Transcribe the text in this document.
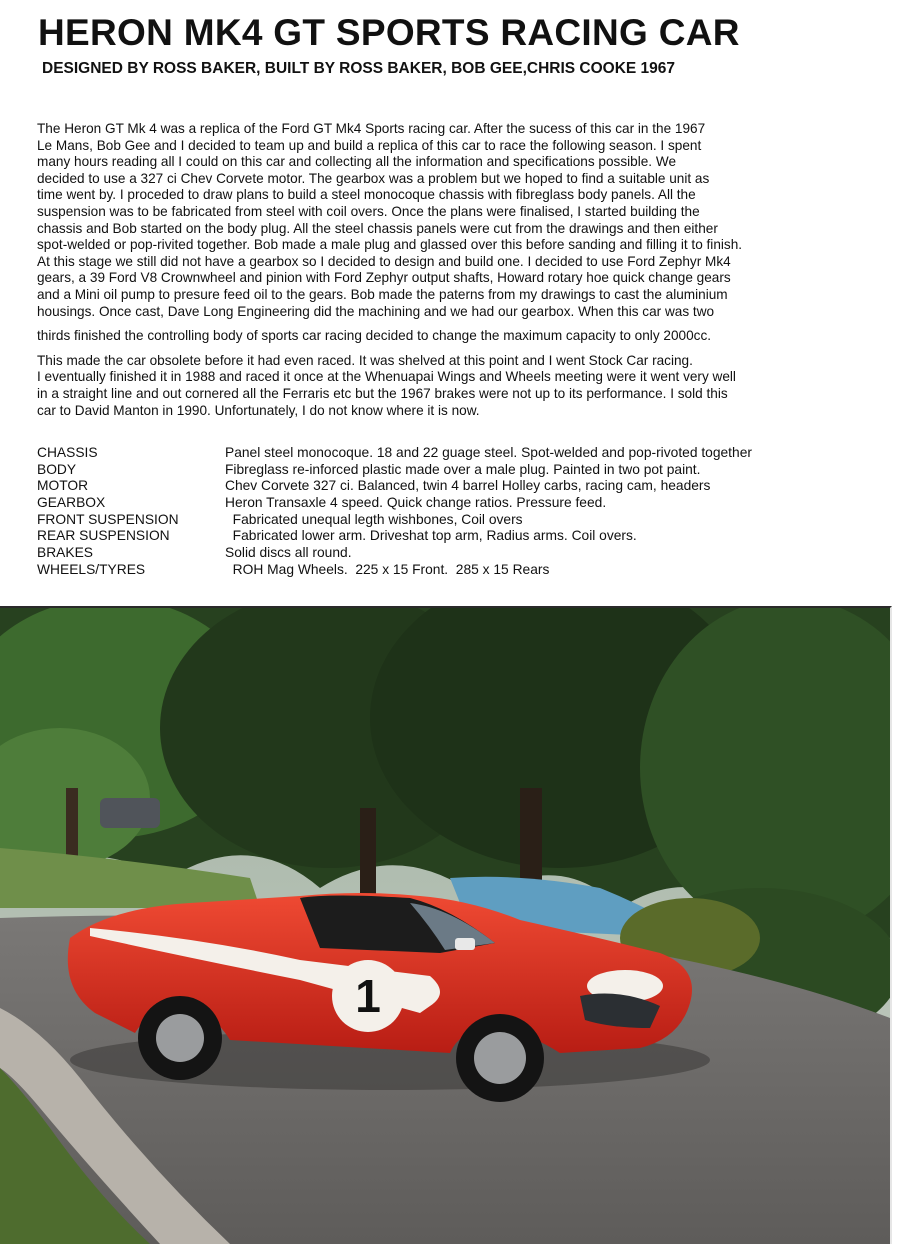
HERON MK4 GT SPORTS RACING CAR
DESIGNED BY ROSS BAKER, BUILT BY ROSS BAKER, BOB GEE,CHRIS COOKE 1967
The Heron GT Mk 4 was a replica of the Ford GT Mk4 Sports racing car. After the sucess of this car in the 1967
Le Mans, Bob Gee and I decided to team up and build a replica of this car to race the following season. I spent
many hours reading all I could on this car and collecting all the information and specifications possible. We
decided to use a 327 ci Chev Corvete motor. The gearbox was a problem but we hoped to find a suitable unit as
time went by. I proceded to draw plans to build a steel monocoque chassis with fibreglass body panels. All the
suspension was to be fabricated from steel with coil overs. Once the plans were finalised, I started building the
chassis and Bob started on the body plug. All the steel chassis panels were cut from the drawings and then either
spot-welded or pop-rivited together. Bob made a male plug and glassed over this before sanding and filling it to finish.
At this stage we still did not have a gearbox so I decided to design and build one. I decided to use Ford Zephyr Mk4
gears, a 39 Ford V8 Crownwheel and pinion with Ford Zephyr output shafts, Howard rotary hoe quick change gears
and a Mini oil pump to presure feed oil to the gears. Bob made the paterns from my drawings to cast the aluminium
housings. Once cast, Dave Long Engineering did the machining and we had our gearbox. When this car was two
thirds finished the controlling body of sports car racing decided to change the maximum capacity to only 2000cc.
This made the car obsolete before it had even raced. It was shelved at this point and I went Stock Car racing.
I eventually finished it in 1988 and raced it once at the Whenuapai Wings and Wheels meeting were it went very well
in a straight line and out cornered all the Ferraris etc but the 1967 brakes were not up to its performance. I sold this
car to David Manton in 1990. Unfortunately, I do not know where it is now.
CHASSIS	Panel steel monocoque. 18 and 22 guage steel. Spot-welded and pop-rivoted together
BODY	Fibreglass re-inforced plastic made over a male plug. Painted in two pot paint.
MOTOR	Chev Corvete 327 ci. Balanced, twin 4 barrel Holley carbs, racing cam, headers
GEARBOX	Heron Transaxle 4 speed. Quick change ratios. Pressure feed.
FRONT SUSPENSION	Fabricated unequal legth wishbones, Coil overs
REAR SUSPENSION	Fabricated lower arm. Driveshat top arm, Radius arms. Coil overs.
BRAKES	Solid discs all round.
WHEELS/TYRES	ROH Mag Wheels.  225 x 15 Front.  285 x 15 Rears
1
